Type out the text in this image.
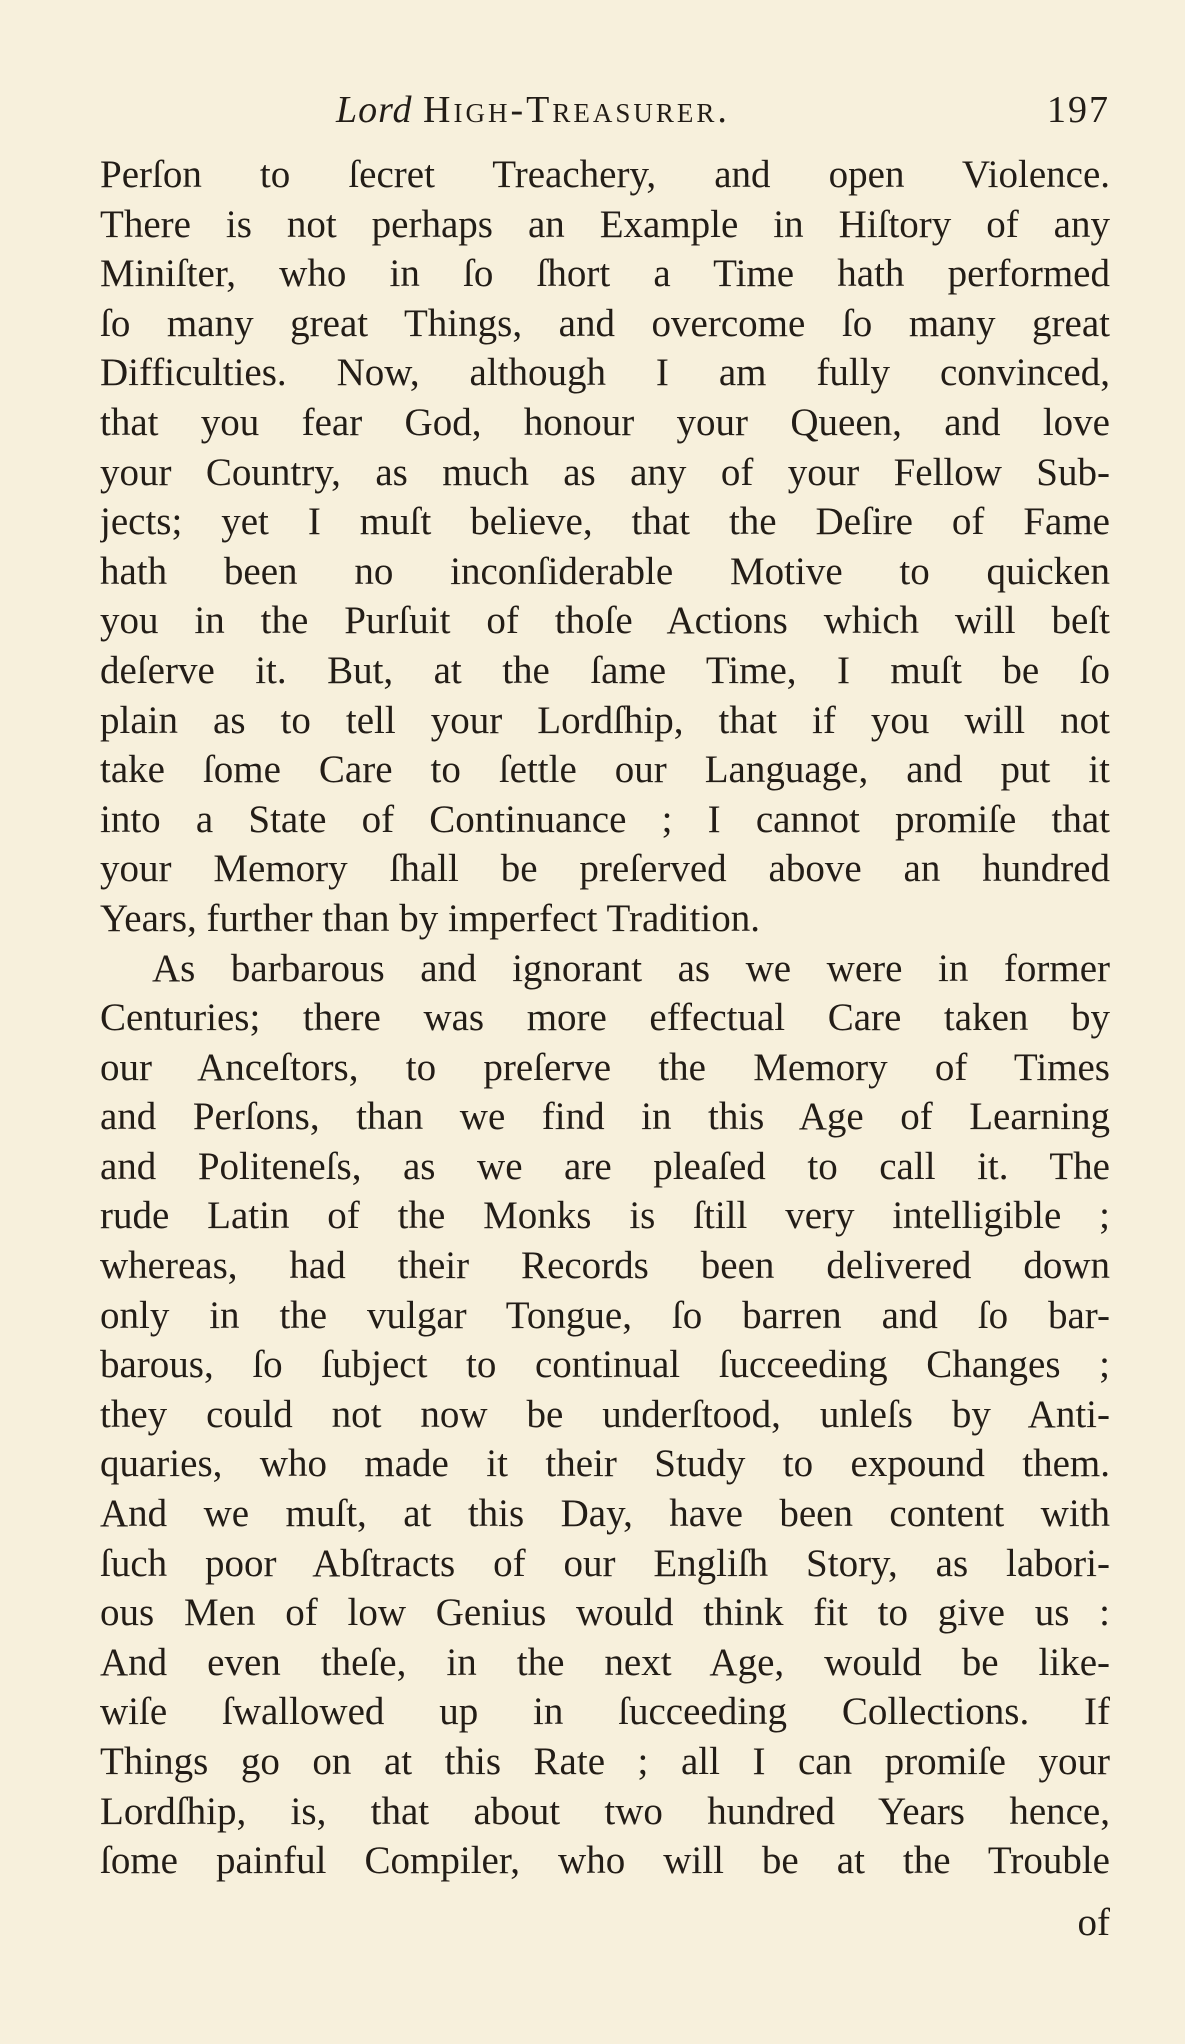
Lord High-Treasurer.	197
Perſon to ſecret Treachery, and open Violence.
There is not perhaps an Example in Hiſtory of any
Miniſter, who in ſo ſhort a Time hath performed
ſo many great Things, and overcome ſo many great
Difficulties. Now, although I am fully convinced,
that you fear God, honour your Queen, and love
your Country, as much as any of your Fellow Sub-
jects; yet I muſt believe, that the Deſire of Fame
hath been no inconſiderable Motive to quicken
you in the Purſuit of thoſe Actions which will beſt
deſerve it. But, at the ſame Time, I muſt be ſo
plain as to tell your Lordſhip, that if you will not
take ſome Care to ſettle our Language, and put it
into a State of Continuance ; I cannot promiſe that
your Memory ſhall be preſerved above an hundred
Years, further than by imperfect Tradition.
As barbarous and ignorant as we were in former
Centuries; there was more effectual Care taken by
our Anceſtors, to preſerve the Memory of Times
and Perſons, than we find in this Age of Learning
and Politeneſs, as we are pleaſed to call it. The
rude Latin of the Monks is ſtill very intelligible ;
whereas, had their Records been delivered down
only in the vulgar Tongue, ſo barren and ſo bar-
barous, ſo ſubject to continual ſucceeding Changes ;
they could not now be underſtood, unleſs by Anti-
quaries, who made it their Study to expound them.
And we muſt, at this Day, have been content with
ſuch poor Abſtracts of our Engliſh Story, as labori-
ous Men of low Genius would think fit to give us :
And even theſe, in the next Age, would be like-
wiſe ſwallowed up in ſucceeding Collections. If
Things go on at this Rate ; all I can promiſe your
Lordſhip, is, that about two hundred Years hence,
ſome painful Compiler, who will be at the Trouble
of
